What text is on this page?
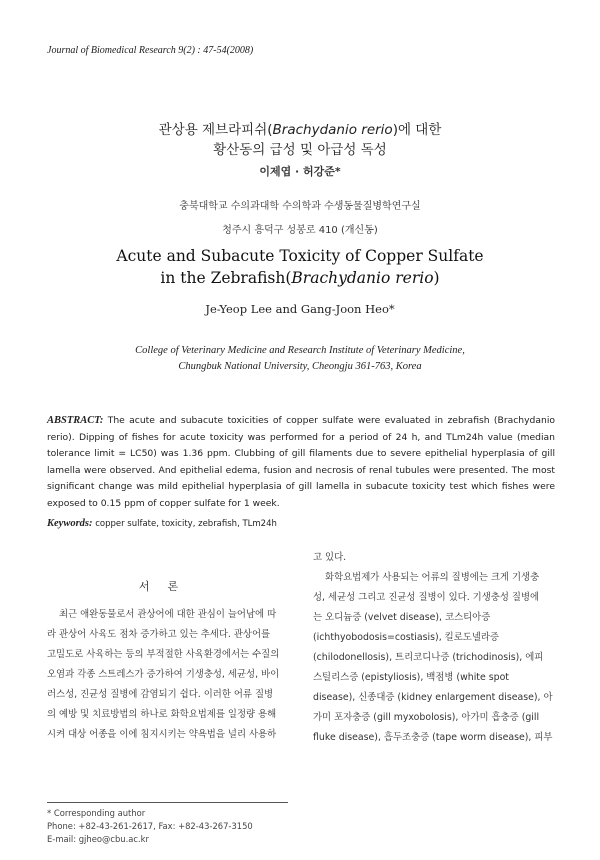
Journal of Biomedical Research 9(2) : 47-54(2008)
관상용 제브라피쉬(Brachydanio rerio)에 대한
황산동의 급성 및 아급성 독성
이제엽 · 허강준*
충북대학교 수의과대학 수의학과 수생동물질병학연구실
청주시 흥덕구 성봉로 410 (개신동)
Acute and Subacute Toxicity of Copper Sulfate
in the Zebrafish(Brachydanio rerio)
Je-Yeop Lee and Gang-Joon Heo*
College of Veterinary Medicine and Research Institute of Veterinary Medicine,
Chungbuk National University, Cheongju 361-763, Korea
ABSTRACT: The acute and subacute toxicities of copper sulfate were evaluated in zebrafish (Brachydanio rerio). Dipping of fishes for acute toxicity was performed for a period of 24 h, and TLm24h value (median tolerance limit = LC50) was 1.36 ppm. Clubbing of gill filaments due to severe epithelial hyperplasia of gill lamella were observed. And epithelial edema, fusion and necrosis of renal tubules were presented. The most significant change was mild epithelial hyperplasia of gill lamella in subacute toxicity test which fishes were exposed to 0.15 ppm of copper sulfate for 1 week.
Keywords: copper sulfate, toxicity, zebrafish, TLm24h
서론
최근 애완동물로서 관상어에 대한 관심이 늘어남에 따
라 관상어 사육도 점차 증가하고 있는 추세다. 관상어를
고밀도로 사육하는 등의 부적절한 사육환경에서는 수질의
오염과 각종 스트레스가 증가하여 기생충성, 세균성, 바이
러스성, 진균성 질병에 감염되기 쉽다. 이러한 어류 질병
의 예방 및 치료방법의 하나로 화학요법제를 일정량 용해
시켜 대상 어종을 이에 침지시키는 약욕법을 널리 사용하
고 있다.
화학요법제가 사용되는 어류의 질병에는 크게 기생충
성, 세균성 그리고 진균성 질병이 있다. 기생충성 질병에
는 오디늄증 (velvet disease), 코스티아증
(ichthyobodosis=costiasis), 킬로도넬라증
(chilodonellosis), 트리코디나증 (trichodinosis), 에피
스틸리스증 (epistyliosis), 백점병 (white spot
disease), 신종대증 (kidney enlargement disease), 아
가미 포자충증 (gill myxobolosis), 아가미 흡충증 (gill
fluke disease), 흡두조충증 (tape worm disease), 피부
* Corresponding author
Phone: +82-43-261-2617, Fax: +82-43-267-3150
E-mail: gjheo@cbu.ac.kr
